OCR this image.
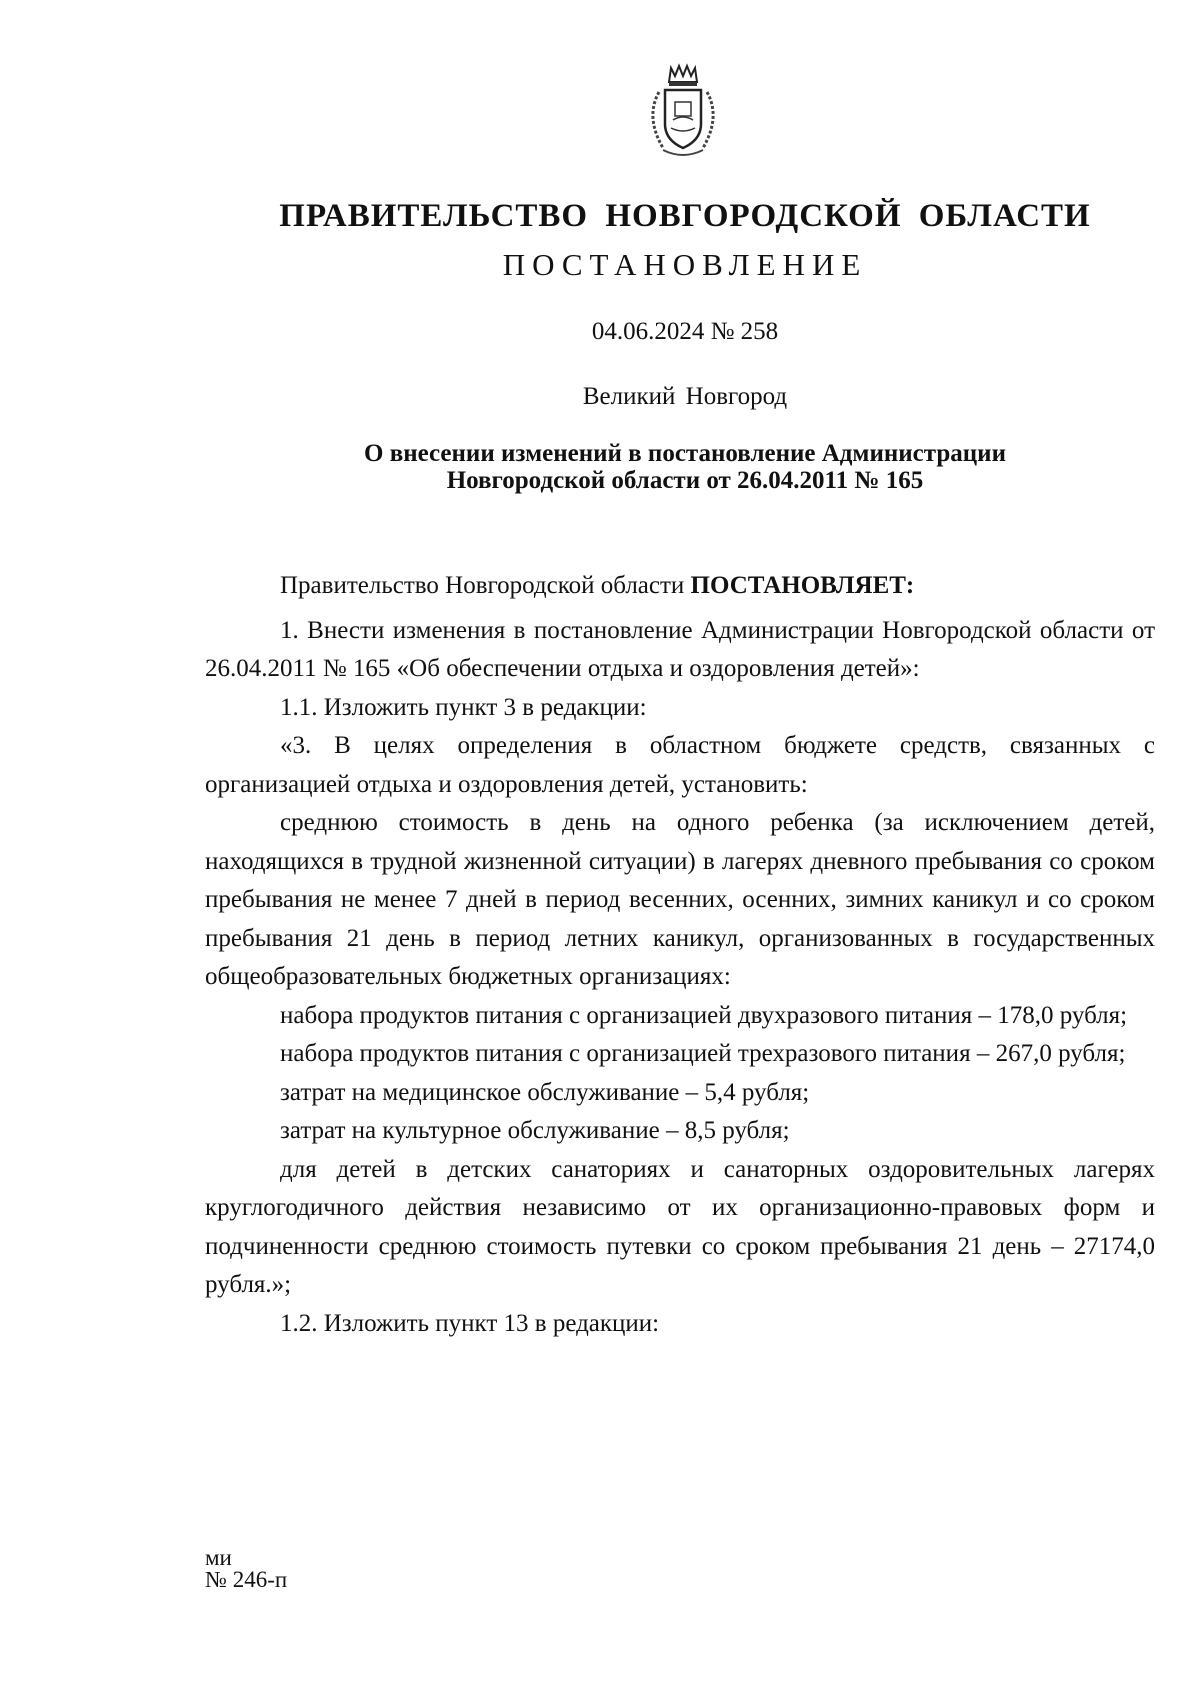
ПРАВИТЕЛЬСТВО НОВГОРОДСКОЙ ОБЛАСТИ
ПОСТАНОВЛЕНИЕ
04.06.2024 № 258
Великий Новгород
О внесении изменений в постановление Администрации
Новгородской области от 26.04.2011 № 165

Правительство Новгородской области ПОСТАНОВЛЯЕТ:

1. Внести изменения в постановление Администрации Новгородской области от 26.04.2011 № 165 «Об обеспечении отдыха и оздоровления детей»:

1.1. Изложить пункт 3 в редакции:

«3. В целях определения в областном бюджете средств, связанных с организацией отдыха и оздоровления детей, установить:

среднюю стоимость в день на одного ребенка (за исключением детей, находящихся в трудной жизненной ситуации) в лагерях дневного пребывания со сроком пребывания не менее 7 дней в период весенних, осенних, зимних каникул и со сроком пребывания 21 день в период летних каникул, организованных в государственных общеобразовательных бюджетных организациях:

набора продуктов питания с организацией двухразового питания – 178,0 рубля;

набора продуктов питания с организацией трехразового питания – 267,0 рубля;

затрат на медицинское обслуживание – 5,4 рубля;

затрат на культурное обслуживание – 8,5 рубля;

для детей в детских санаториях и санаторных оздоровительных лагерях круглогодичного действия независимо от их организационно-правовых форм и подчиненности среднюю стоимость путевки со сроком пребывания 21 день – 27174,0 рубля.»;

1.2. Изложить пункт 13 в редакции:

ми
№ 246-п
